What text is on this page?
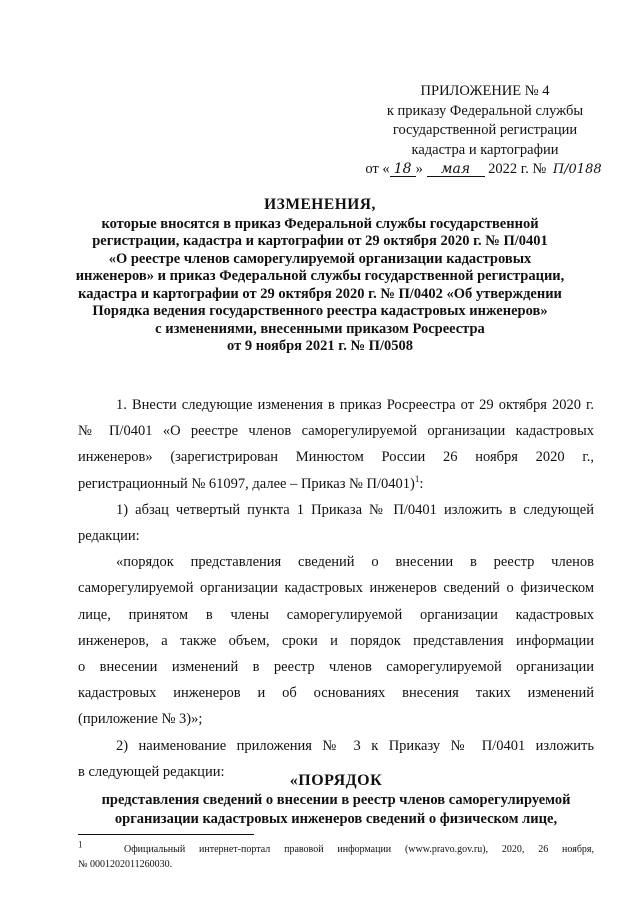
ПРИЛОЖЕНИЕ № 4
к приказу Федеральной службы
государственной регистрации
кадастра и картографии
от « 18 » мая 2022 г. № П/0188
ИЗМЕНЕНИЯ,
которые вносятся в приказ Федеральной службы государственной
регистрации, кадастра и картографии от 29 октября 2020 г. № П/0401
«О реестре членов саморегулируемой организации кадастровых
инженеров» и приказ Федеральной службы государственной регистрации,
кадастра и картографии от 29 октября 2020 г. № П/0402 «Об утверждении
Порядка ведения государственного реестра кадастровых инженеров»
с изменениями, внесенными приказом Росреестра
от 9 ноября 2021 г. № П/0508
1. Внести следующие изменения в приказ Росреестра от 29 октября 2020 г.
№ П/0401 «О реестре членов саморегулируемой организации кадастровых
инженеров» (зарегистрирован Минюстом России 26 ноября 2020 г.,
регистрационный № 61097, далее – Приказ № П/0401)$^1$:
1) абзац четвертый пункта 1 Приказа № П/0401 изложить в следующей
редакции:
«порядок представления сведений о внесении в реестр членов
саморегулируемой организации кадастровых инженеров сведений о физическом
лице, принятом в члены саморегулируемой организации кадастровых
инженеров, а также объем, сроки и порядок представления информации
о внесении изменений в реестр членов саморегулируемой организации
кадастровых инженеров и об основаниях внесения таких изменений
(приложение № 3)»;
2) наименование приложения № 3 к Приказу № П/0401 изложить
в следующей редакции:
«ПОРЯДОК
представления сведений о внесении в реестр членов саморегулируемой
организации кадастровых инженеров сведений о физическом лице,
$^1$	Официальный интернет-портал правовой информации (www.pravo.gov.ru), 2020, 26 ноября,
№ 0001202011260030.
